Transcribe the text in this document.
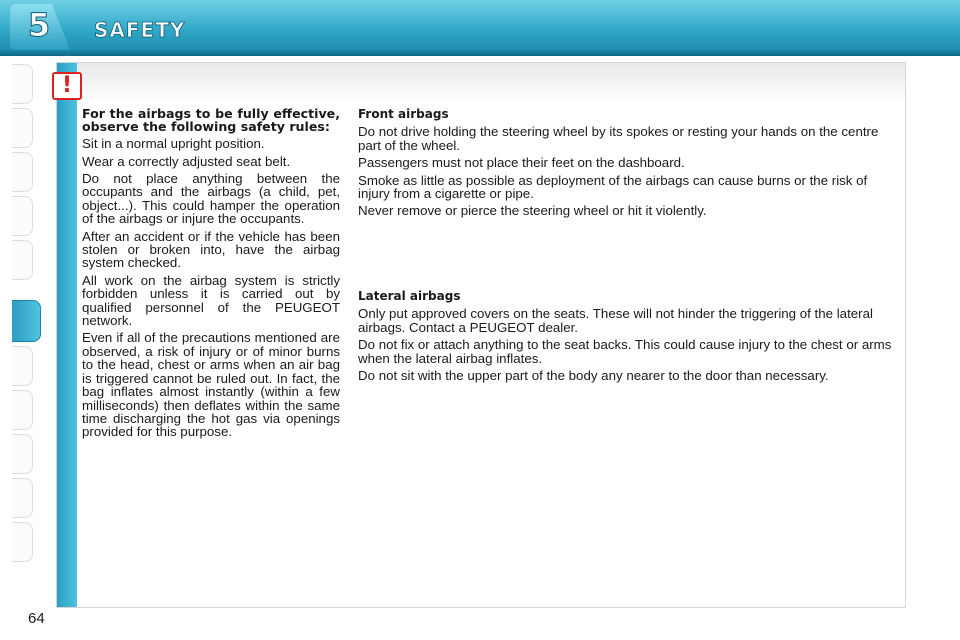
5 SAFETY
!

For the airbags to be fully effective, observe the following safety rules:

Sit in a normal upright position.

Wear a correctly adjusted seat belt.

Do not place anything between the occupants and the airbags (a child, pet, object...). This could hamper the operation of the airbags or injure the occupants.

After an accident or if the vehicle has been stolen or broken into, have the airbag system checked.

All work on the airbag system is strictly forbidden unless it is carried out by qualified personnel of the PEUGEOT network.

Even if all of the precautions mentioned are observed, a risk of injury or of minor burns to the head, chest or arms when an air bag is triggered cannot be ruled out. In fact, the bag inflates almost instantly (within a few milliseconds) then deflates within the same time discharging the hot gas via openings provided for this purpose.

Front airbags

Do not drive holding the steering wheel by its spokes or resting your hands on the centre part of the wheel.

Passengers must not place their feet on the dashboard.

Smoke as little as possible as deployment of the airbags can cause burns or the risk of injury from a cigarette or pipe.

Never remove or pierce the steering wheel or hit it violently.

Lateral airbags

Only put approved covers on the seats. These will not hinder the triggering of the lateral airbags. Contact a PEUGEOT dealer.

Do not fix or attach anything to the seat backs. This could cause injury to the chest or arms when the lateral airbag inflates.

Do not sit with the upper part of the body any nearer to the door than necessary.

64
